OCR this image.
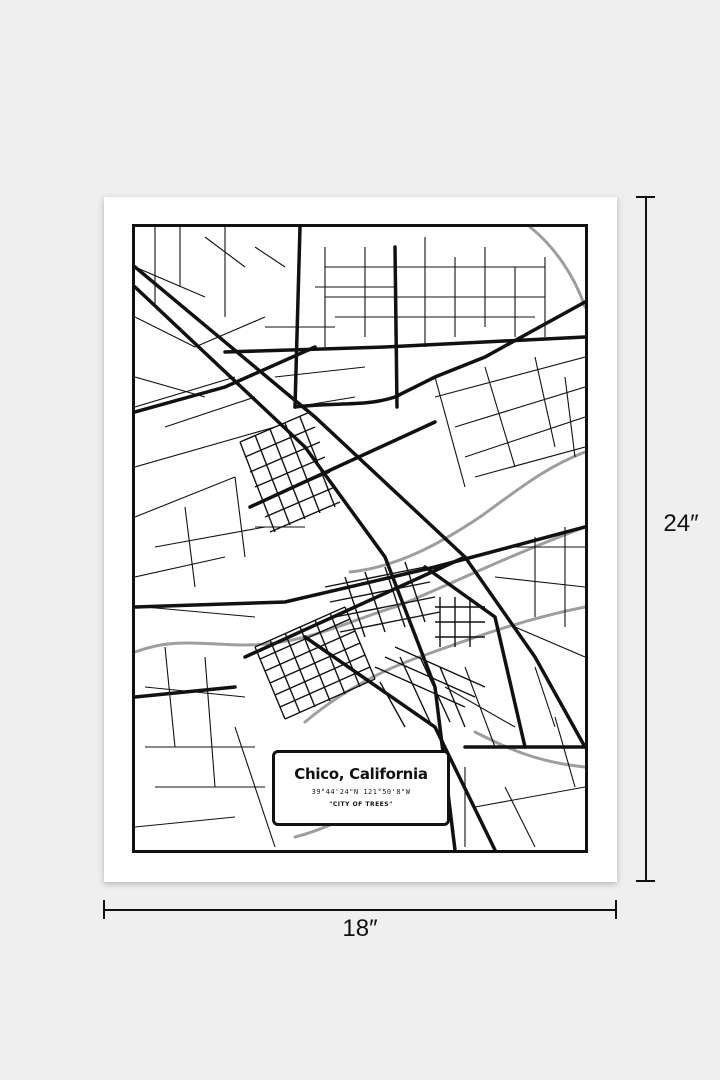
Chico, California
39°44'24"N 121°50'8"W
"CITY OF TREES"
18″
24″
